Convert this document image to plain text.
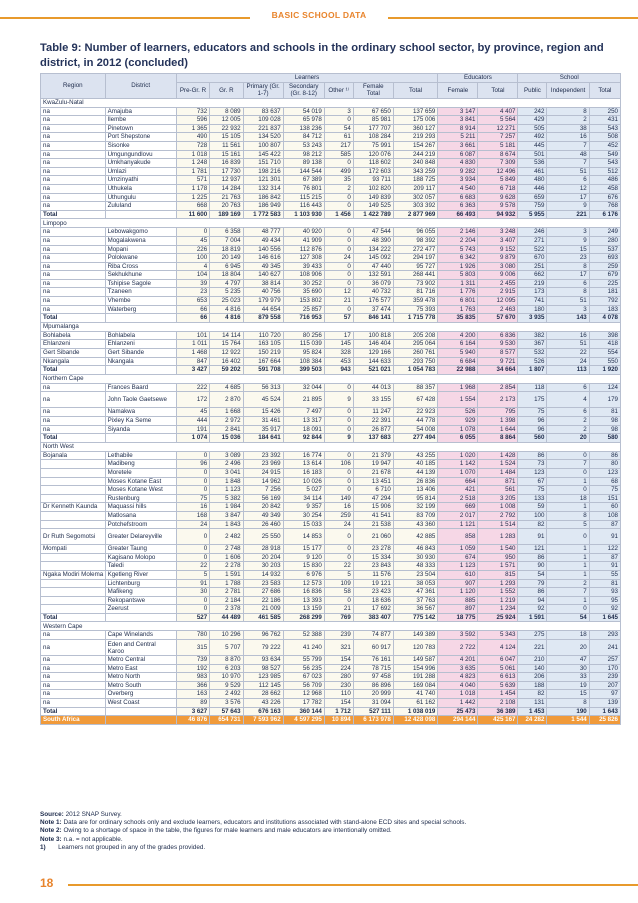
BASIC SCHOOL DATA
Table 9: Number of learners, educators and schools in the ordinary school sector, by province, region and district, in 2012 (concluded)
Region	District	Learners							Educators		School		
		Pre-Gr. R	Gr. R	Primary (Gr. 1-7)	Secondary (Gr. 8-12)	Other ¹⁾	Female Total	Total	Female	Total	Public	Independent	Total
KwaZulu-Natal													
na	Amajuba	732	8 089	83 637	54 019	3	67 650	137 659	3 147	4 407	242	8	250
na	Ilembe	596	12 005	109 028	65 978	0	85 981	175 006	3 841	5 564	429	2	431
na	Pinetown	1 365	22 932	221 837	138 236	54	177 707	360 127	8 914	12 271	505	38	543
na	Port Shepstone	490	15 105	134 520	84 712	61	108 284	219 293	5 211	7 257	492	16	508
na	Sisonke	728	11 561	100 807	53 243	217	75 991	154 267	3 661	5 181	445	7	452
na	Umgungundlovu	1 018	15 161	145 422	98 212	585	120 076	244 219	6 087	8 674	501	48	549
na	Umkhanyakude	1 248	16 839	151 710	89 138	0	118 602	240 848	4 830	7 309	536	7	543
na	Umlazi	1 781	17 730	198 216	144 544	499	172 603	343 259	9 282	12 496	461	51	512
na	Umzinyathi	571	12 937	121 301	67 389	35	93 711	188 725	3 934	5 849	480	6	486
na	Uthukela	1 178	14 284	132 314	76 801	2	102 820	209 117	4 540	6 718	446	12	458
na	Uthungulu	1 225	21 763	186 842	115 215	0	149 839	302 057	6 683	9 628	659	17	676
na	Zululand	668	20 763	186 949	116 443	0	149 525	303 392	6 363	9 578	759	9	768
Total		11 600	189 169	1 772 583	1 103 930	1 456	1 422 789	2 877 969	66 493	94 932	5 955	221	6 176
Limpopo													
na	Lebowakgomo	0	6 358	48 777	40 920	0	47 544	96 055	2 146	3 248	246	3	249
na	Mogalakwena	45	7 004	49 434	41 909	0	48 390	98 392	2 204	3 407	271	9	280
na	Mopani	226	18 819	140 556	112 876	0	134 222	272 477	5 743	9 152	522	15	537
na	Polokwane	100	20 149	146 616	127 308	24	145 092	294 197	6 342	9 879	670	23	693
na	Riba Cross	4	6 945	49 345	39 433	0	47 440	95 727	1 926	3 080	251	8	259
na	Sekhukhune	104	18 804	140 627	108 906	0	132 591	268 441	5 803	9 006	662	17	679
na	Tshipise Sagole	39	4 797	38 814	30 252	0	36 079	73 902	1 311	2 455	219	6	225
na	Tzaneen	23	5 235	40 756	35 690	12	40 732	81 716	1 776	2 915	173	8	181
na	Vhembe	653	25 023	179 979	153 802	21	176 577	359 478	6 801	12 095	741	51	792
na	Waterberg	66	4 816	44 654	25 857	0	37 474	75 393	1 763	2 463	180	3	183
Total		66	4 816	879 558	716 953	57	846 141	1 715 778	35 835	57 670	3 935	143	4 078
Mpumalanga													
Bohlabela	Bohlabela	101	14 114	110 720	80 256	17	100 818	205 208	4 200	6 836	382	16	398
Ehlanzeni	Ehlanzeni	1 011	15 764	163 105	115 039	145	146 404	295 064	6 164	9 530	367	51	418
Gert Sibande	Gert Sibande	1 468	12 922	150 219	95 824	328	129 166	260 761	5 940	8 577	532	22	554
Nkangala	Nkangala	847	16 402	167 664	108 384	453	144 633	293 750	6 684	9 721	526	24	550
Total		3 427	59 202	591 708	399 503	943	521 021	1 054 783	22 988	34 664	1 807	113	1 920
Northern Cape													
na	Frances Baard	222	4 685	56 313	32 044	0	44 013	88 357	1 968	2 854	118	6	124
na	John Taole Gaetsewe	172	2 870	45 524	21 895	9	33 155	67 428	1 554	2 173	175	4	179
na	Namakwa	45	1 668	15 426	7 497	0	11 247	22 923	526	795	75	6	81
na	Pixley Ka Seme	444	2 972	31 461	13 317	0	22 391	44 778	929	1 398	96	2	98
na	Siyanda	191	2 841	35 917	18 091	0	26 877	54 008	1 078	1 644	96	2	98
Total		1 074	15 036	184 641	92 844	9	137 683	277 494	6 055	8 864	560	20	580
North West													
Bojanala	Lethabile	0	3 089	23 392	16 774	0	21 379	43 255	1 020	1 428	86	0	86
	Madibeng	96	2 496	23 969	13 614	106	19 947	40 185	1 142	1 524	73	7	80
	Moretele	0	3 041	24 915	16 183	0	21 678	44 139	1 070	1 484	123	0	123
	Moses Kotane East	0	1 848	14 962	10 026	0	13 451	26 836	664	871	67	1	68
	Moses Kotane West	0	1 123	7 256	5 027	0	6 710	13 406	421	561	75	0	75
	Rustenburg	75	5 382	56 169	34 114	149	47 294	95 814	2 518	3 205	133	18	151
Dr Kenneth Kaunda	Maquassi hills	16	1 984	20 842	9 357	16	15 906	32 199	669	1 008	59	1	60
	Matlosana	168	3 847	49 349	30 254	259	41 541	83 709	2 017	2 792	100	8	108
	Potchefstroom	24	1 843	26 460	15 033	24	21 538	43 360	1 121	1 514	82	5	87
Dr Ruth Segomotsi	Greater Delareyville	0	2 482	25 550	14 853	0	21 060	42 885	858	1 283	91	0	91
Mompati	Greater Taung	0	2 748	28 918	15 177	0	23 278	46 843	1 059	1 540	121	1	122
	Kagisano Molopo	0	1 606	20 204	9 120	0	15 334	30 930	674	950	86	1	87
	Taledi	22	2 278	30 203	15 830	22	23 843	48 333	1 123	1 571	90	1	91
Ngaka Modiri Molema	Kgetleng River	5	1 591	14 932	6 976	5	11 576	23 504	610	815	54	1	55
	Lichtenburg	91	1 788	23 583	12 573	109	19 121	38 053	907	1 293	79	2	81
	Mafikeng	30	2 781	27 686	16 836	58	23 423	47 361	1 120	1 552	86	7	93
	Rekopantswe	0	2 184	22 186	13 393	0	18 636	37 763	885	1 219	94	1	95
	Zeerust	0	2 378	21 009	13 159	21	17 692	36 567	897	1 234	92	0	92
Total		527	44 489	461 585	268 299	769	383 407	775 142	18 775	25 924	1 591	54	1 645
Western Cape													
na	Cape Winelands	780	10 296	96 762	52 388	239	74 877	149 389	3 592	5 343	275	18	293
na	Eden and Central Karoo	315	5 707	79 222	41 240	321	60 917	120 783	2 722	4 124	221	20	241
na	Metro Central	739	8 870	93 634	55 799	154	76 161	149 587	4 201	6 047	210	47	257
na	Metro East	192	6 203	98 527	56 235	224	78 715	154 996	3 635	5 061	140	30	170
na	Metro North	983	10 970	123 985	67 023	280	97 458	191 288	4 823	6 613	206	33	239
na	Metro South	366	9 529	112 145	56 709	230	86 896	169 084	4 040	5 639	188	19	207
na	Overberg	163	2 492	28 662	12 968	110	20 999	41 740	1 018	1 454	82	15	97
na	West Coast	89	3 576	43 226	17 782	154	31 094	61 162	1 442	2 108	131	8	139
Total		3 627	57 643	676 163	360 144	1 712	527 111	1 038 019	25 473	36 389	1 453	190	1 643
South Africa		46 876	654 731	7 593 962	4 597 295	10 894	6 173 978	12 428 098	294 144	425 167	24 282	1 544	25 826
Source: 2012 SNAP Survey.
Note 1: Data are for ordinary schools only and exclude learners, educators and institutions associated with stand-alone ECD sites and special schools.
Note 2: Owing to a shortage of space in the table, the figures for male learners and male educators are intentionally omitted.
Note 3: n.a. = not applicable.
1) Learners not grouped in any of the grades provided.
18
